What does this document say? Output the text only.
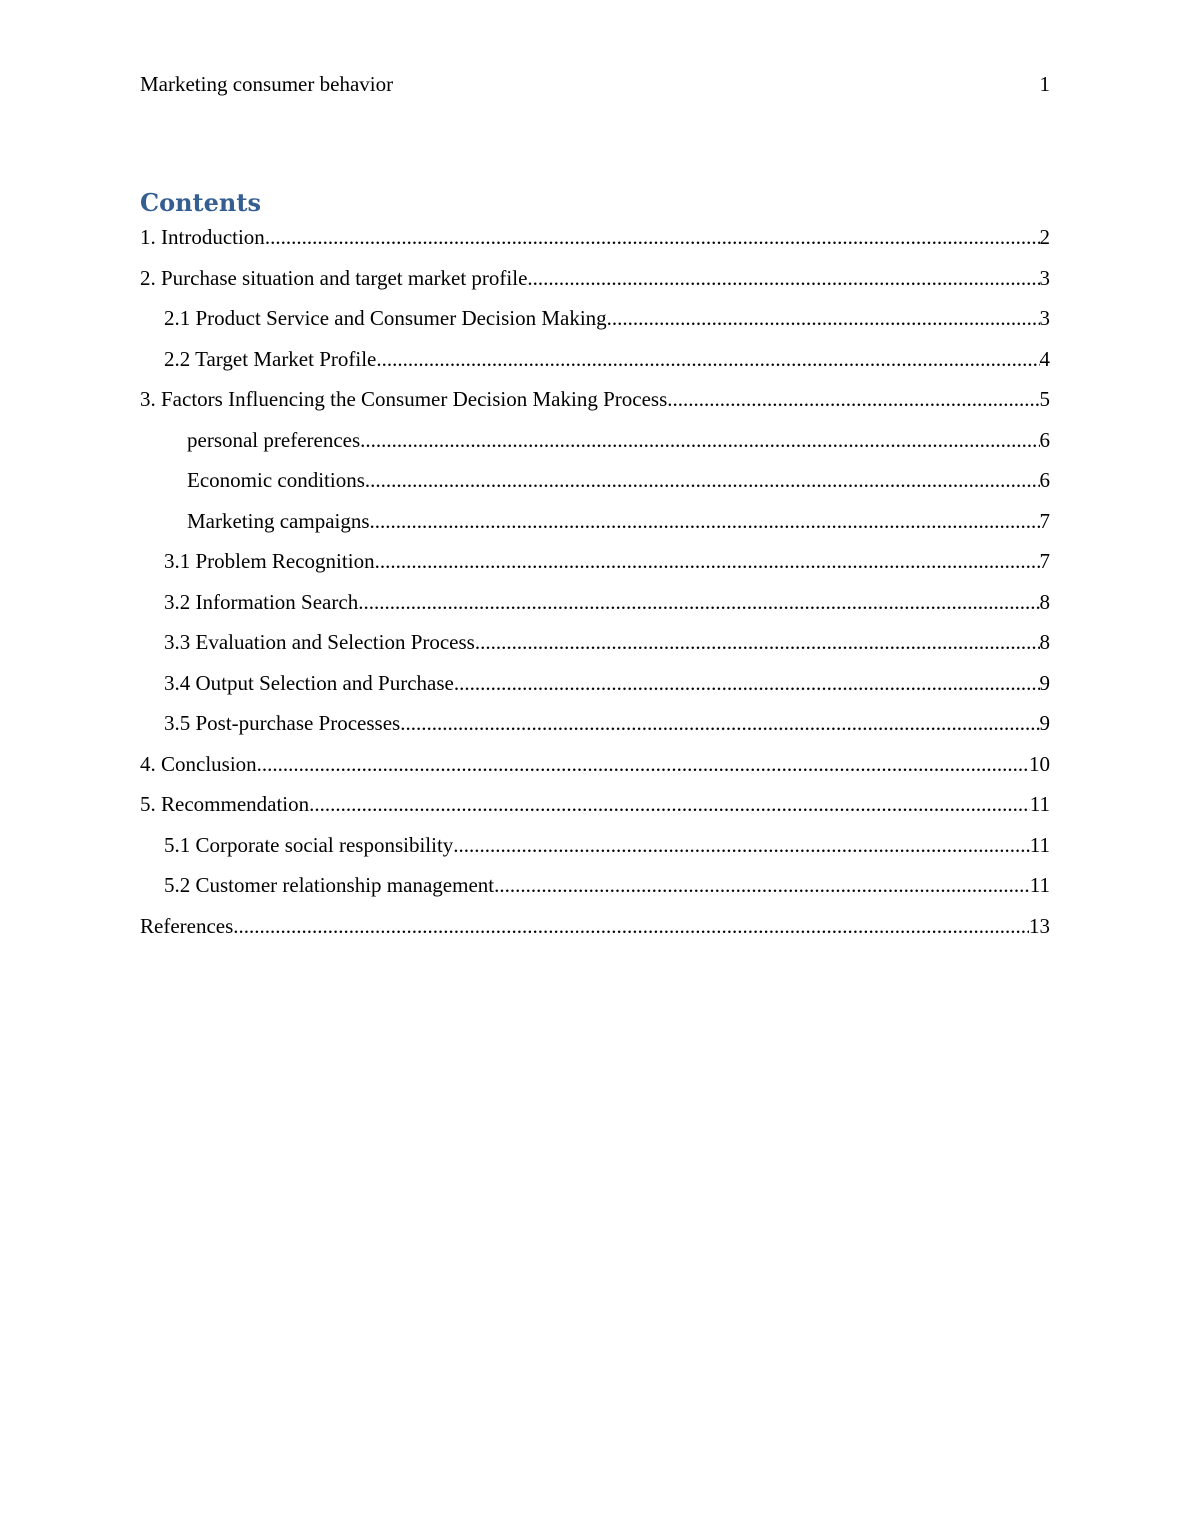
Marketing consumer behavior	1
Contents
1. Introduction .....	2
2. Purchase situation and target market profile .....	3
2.1 Product Service and Consumer Decision Making .....	3
2.2 Target Market Profile .....	4
3. Factors Influencing the Consumer Decision Making Process .....	5
personal preferences .....	6
Economic conditions .....	6
Marketing campaigns .....	7
3.1 Problem Recognition .....	7
3.2 Information Search .....	8
3.3 Evaluation and Selection Process .....	8
3.4 Output Selection and Purchase .....	9
3.5 Post-purchase Processes .....	9
4. Conclusion .....	10
5. Recommendation .....	11
5.1 Corporate social responsibility .....	11
5.2 Customer relationship management .....	11
References .....	13
